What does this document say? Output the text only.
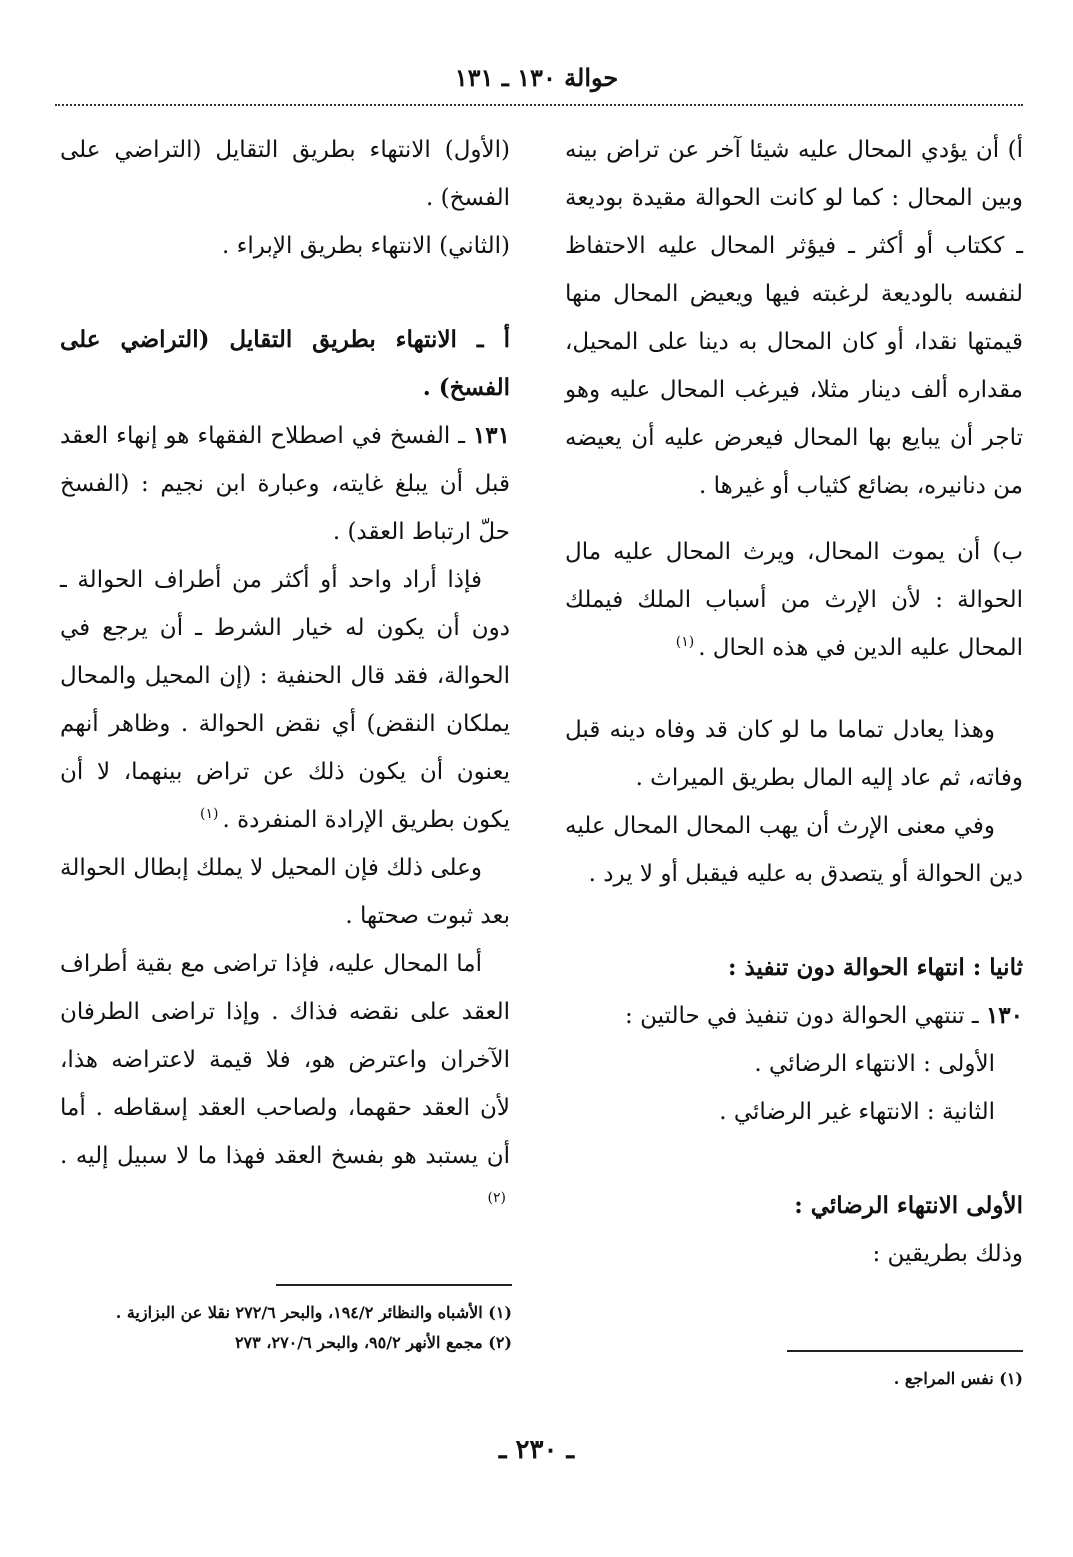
حوالة ١٣٠ ـ ١٣١

أ) أن يؤدي المحال عليه شيئا آخر عن تراض بينه وبين المحال : كما لو كانت الحوالة مقيدة بوديعة ـ ككتاب أو أكثر ـ فيؤثر المحال عليه الاحتفاظ لنفسه بالوديعة لرغبته فيها ويعيض المحال منها قيمتها نقدا، أو كان المحال به دينا على المحيل، مقداره ألف دينار مثلا، فيرغب المحال عليه وهو تاجر أن يبايع بها المحال فيعرض عليه أن يعيضه من دنانيره، بضائع كثياب أو غيرها .

ب) أن يموت المحال، ويرث المحال عليه مال الحوالة : لأن الإرث من أسباب الملك فيملك المحال عليه الدين في هذه الحال .$^{(١)}$

وهذا يعادل تماما ما لو كان قد وفاه دينه قبل وفاته، ثم عاد إليه المال بطريق الميراث .

وفي معنى الإرث أن يهب المحال المحال عليه دين الحوالة أو يتصدق به عليه فيقبل أو لا يرد .

ثانيا : انتهاء الحوالة دون تنفيذ :

١٣٠ ـ تنتهي الحوالة دون تنفيذ في حالتين :

الأولى : الانتهاء الرضائي .

الثانية : الانتهاء غير الرضائي .

الأولى الانتهاء الرضائي :

وذلك بطريقين :

(١) نفس المراجع .

(الأول) الانتهاء بطريق التقايل (التراضي على الفسخ) .

(الثاني) الانتهاء بطريق الإبراء .

أ ـ الانتهاء بطريق التقايل (التراضي على الفسخ) .

١٣١ ـ الفسخ في اصطلاح الفقهاء هو إنهاء العقد قبل أن يبلغ غايته، وعبارة ابن نجيم : (الفسخ حلّ ارتباط العقد) .

فإذا أراد واحد أو أكثر من أطراف الحوالة ـ دون أن يكون له خيار الشرط ـ أن يرجع في الحوالة، فقد قال الحنفية : (إن المحيل والمحال يملكان النقض) أي نقض الحوالة . وظاهر أنهم يعنون أن يكون ذلك عن تراض بينهما، لا أن يكون بطريق الإرادة المنفردة .$^{(١)}$

وعلى ذلك فإن المحيل لا يملك إبطال الحوالة بعد ثبوت صحتها .

أما المحال عليه، فإذا تراضى مع بقية أطراف العقد على نقضه فذاك . وإذا تراضى الطرفان الآخران واعترض هو، فلا قيمة لاعتراضه هذا، لأن العقد حقهما، ولصاحب العقد إسقاطه . أما أن يستبد هو بفسخ العقد فهذا ما لا سبيل إليه .$^{(٢)}$

(١) الأشباه والنظائر ١٩٤/٢، والبحر ٢٧٢/٦ نقلا عن البزازية .

(٢) مجمع الأنهر ٩٥/٢، والبحر ٢٧٠/٦، ٢٧٣

ـ ٢٣٠ ـ
